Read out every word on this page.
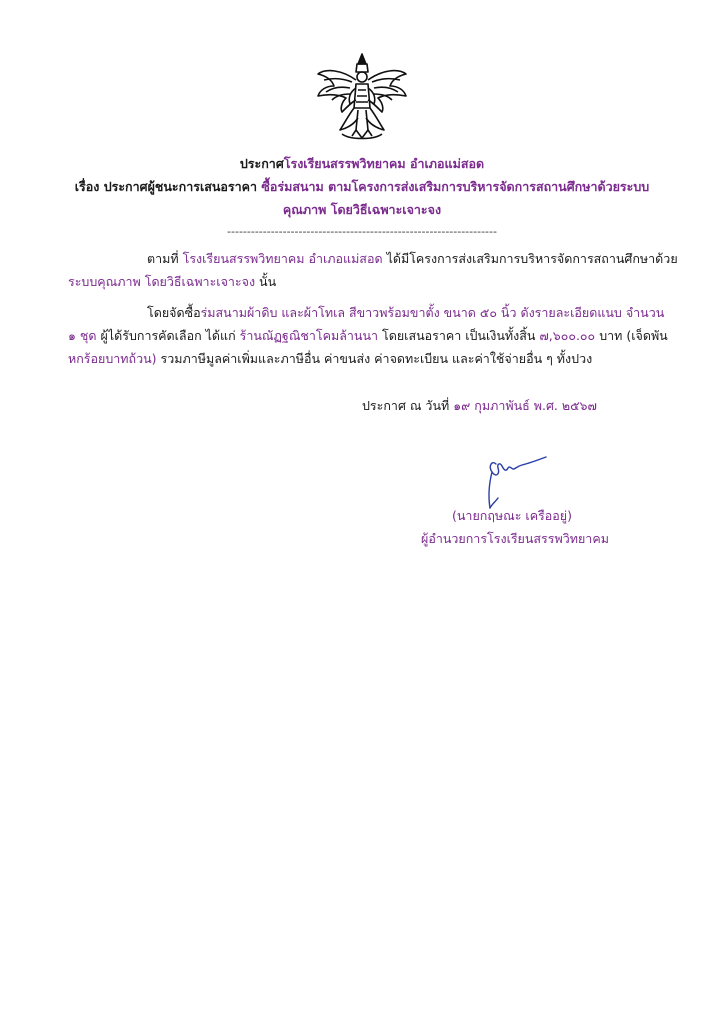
ประกาศโรงเรียนสรรพวิทยาคม อำเภอแม่สอด
เรื่อง ประกาศผู้ชนะการเสนอราคา ซื้อร่มสนาม ตามโครงการส่งเสริมการบริหารจัดการสถานศึกษาด้วยระบบ
คุณภาพ โดยวิธีเฉพาะเจาะจง
--------------------------------------------------------------------
ตามที่ โรงเรียนสรรพวิทยาคม อำเภอแม่สอด ได้มีโครงการส่งเสริมการบริหารจัดการสถานศึกษาด้วย
ระบบคุณภาพ โดยวิธีเฉพาะเจาะจง นั้น
โดยจัดซื้อร่มสนามผ้าดิบ และผ้าโทเล สีขาวพร้อมขาตั้ง ขนาด ๕๐ นิ้ว ดังรายละเอียดแนบ จำนวน
๑ ชุด ผู้ได้รับการคัดเลือก ได้แก่ ร้านณัฏฐณิชาโคมล้านนา โดยเสนอราคา เป็นเงินทั้งสิ้น ๗,๖๐๐.๐๐ บาท (เจ็ดพัน
หกร้อยบาทถ้วน) รวมภาษีมูลค่าเพิ่มและภาษีอื่น ค่าขนส่ง ค่าจดทะเบียน และค่าใช้จ่ายอื่น ๆ ทั้งปวง
ประกาศ ณ วันที่ ๑๙ กุมภาพันธ์ พ.ศ. ๒๕๖๗
(นายกฤษณะ เครืออยู่)
ผู้อำนวยการโรงเรียนสรรพวิทยาคม
